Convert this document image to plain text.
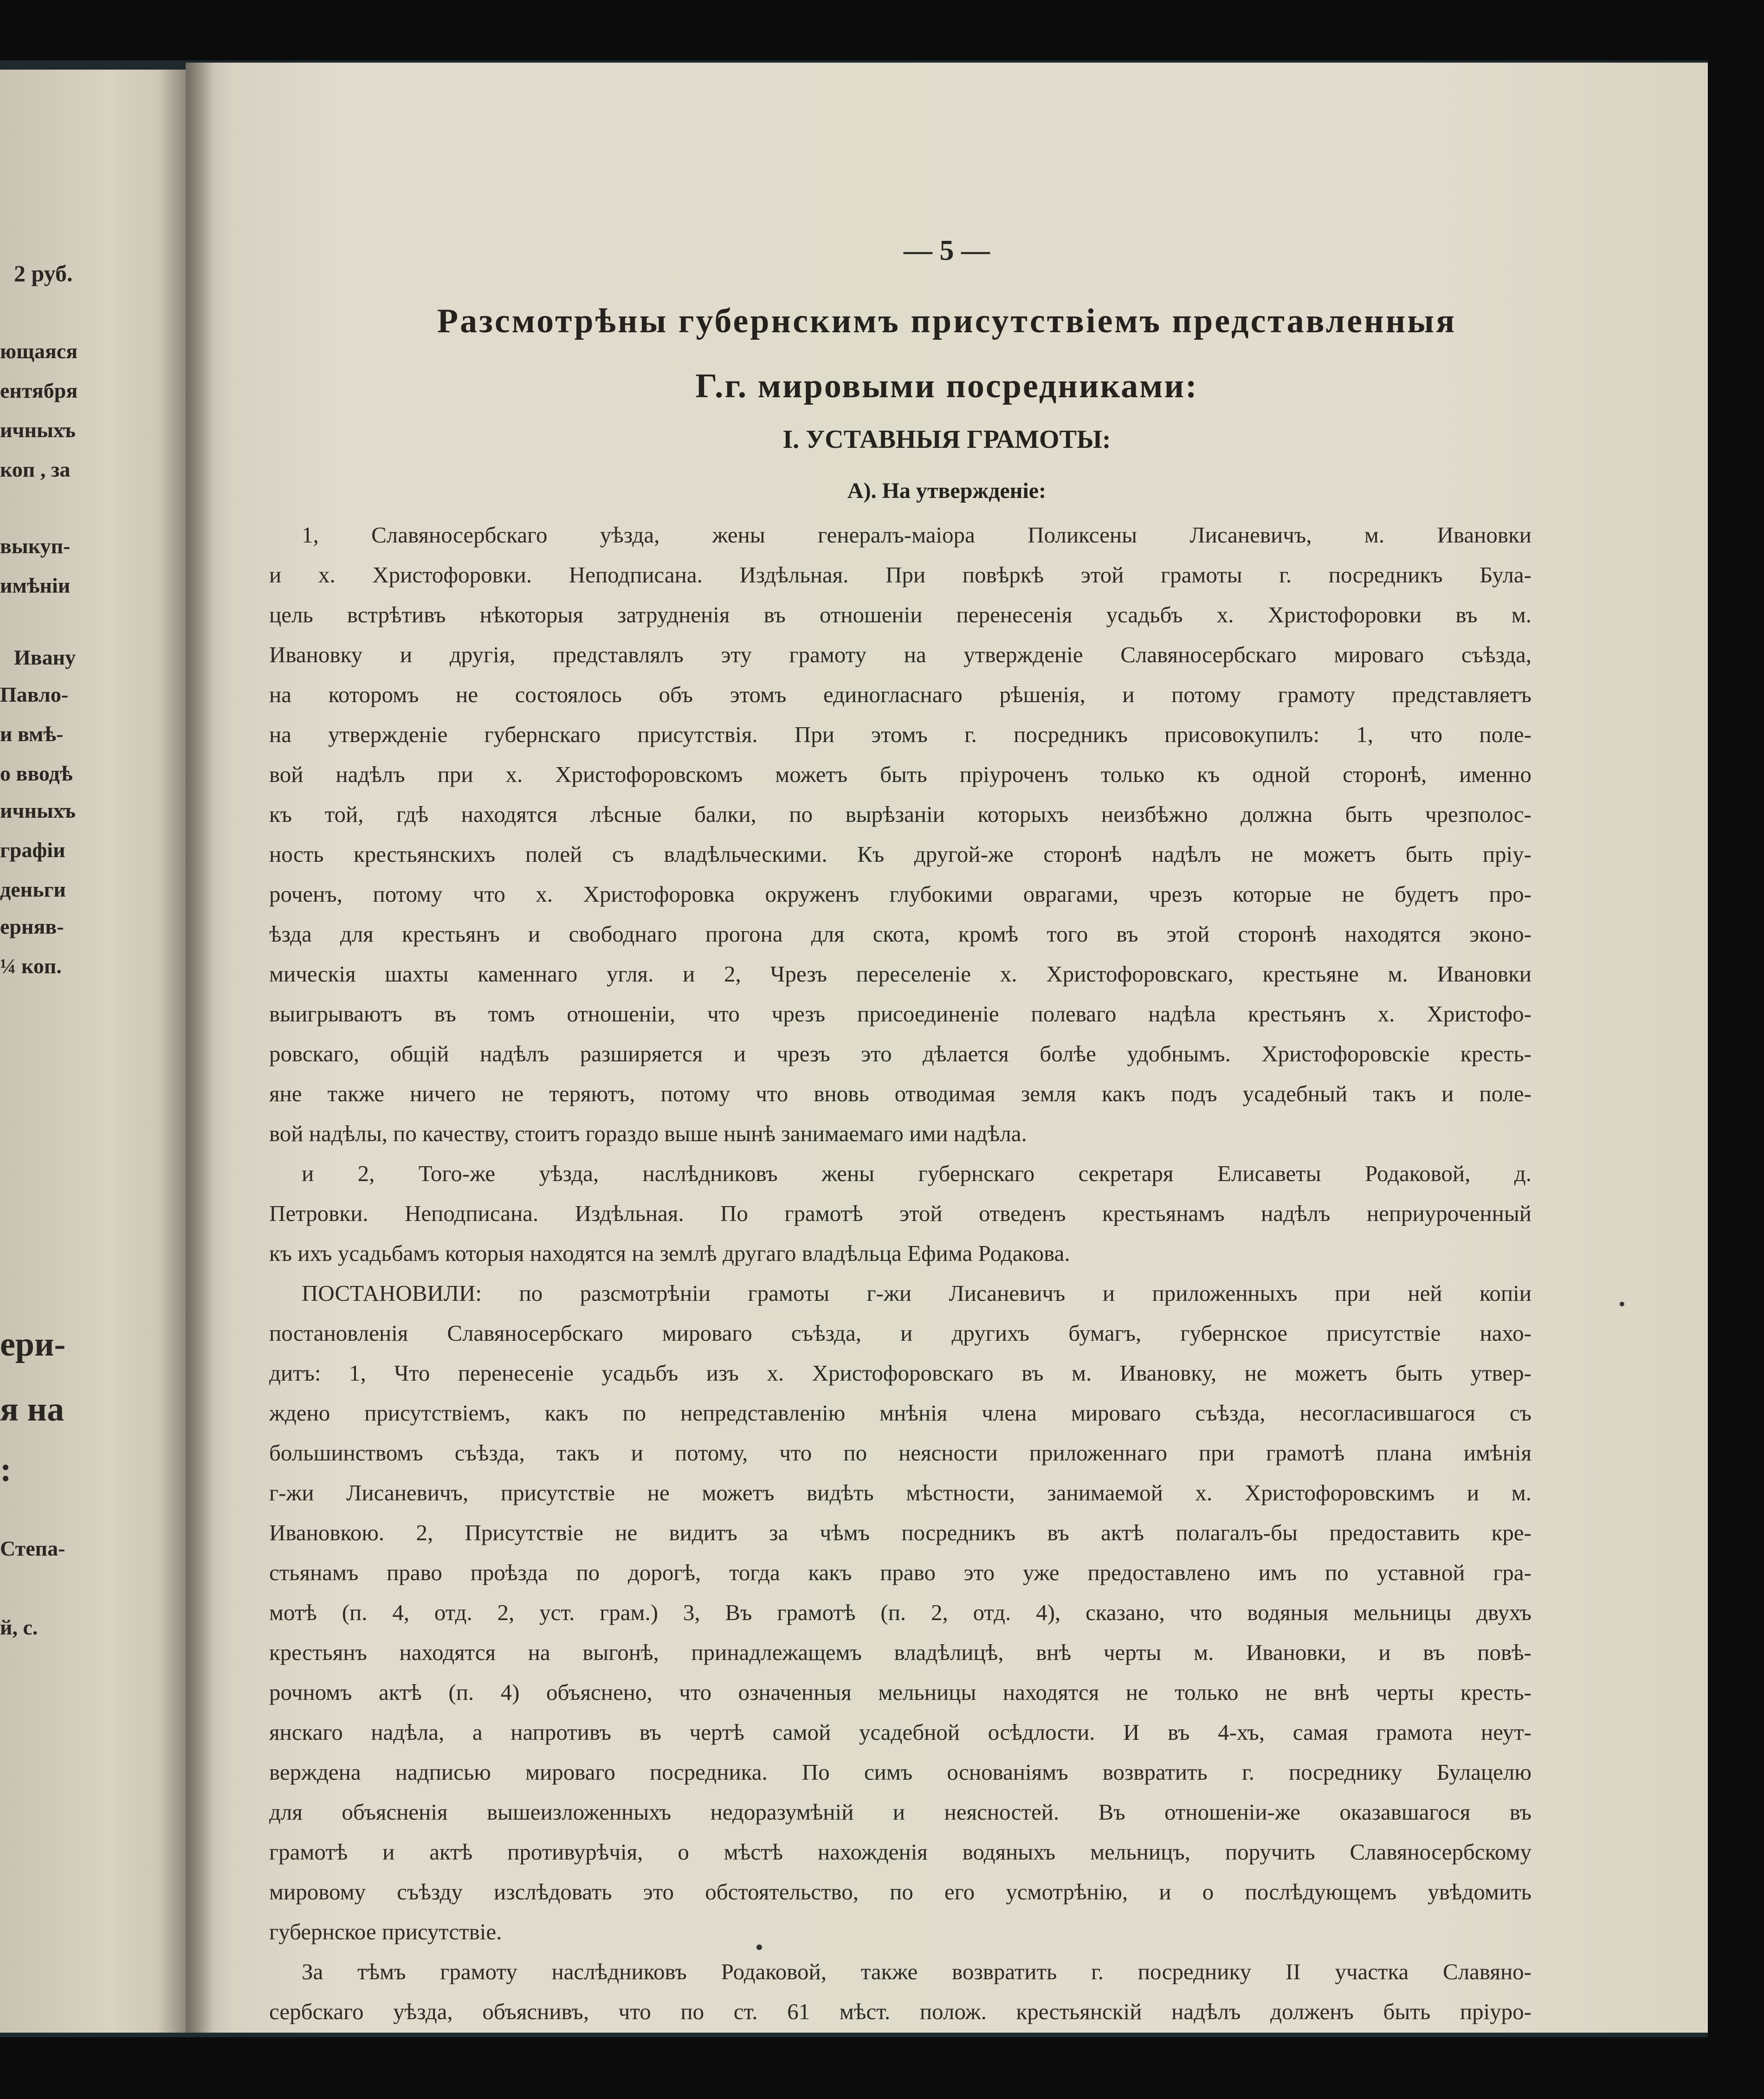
2 руб.
ющаяся
ентября
ичныхъ
коп , за
выкуп-
имѣнiи
Ивану
Павло-
и вмѣ-
о вводѣ
ичныхъ
графiи
деньги
ерняв-
¼ коп.
ери-
я на
:
Степа-
й, с.
— 5 —
Разсмотрѣны губернскимъ присутствiемъ представленныя
Г.г. мировыми посредниками:
I. УСТАВНЫЯ ГРАМОТЫ:
А). На утвержденiе:
1, Славяносербскаго уѣзда, жены генералъ-маiора Поликсены Лисаневичъ, м. Ивановки
и х. Христофоровки. Неподписана. Издѣльная. При повѣркѣ этой грамоты г. посредникъ Була-
цель встрѣтивъ нѣкоторыя затрудненiя въ отношенiи перенесенiя усадьбъ х. Христофоровки въ м.
Ивановку и другiя, представлялъ эту грамоту на утвержденiе Славяносербскаго мироваго съѣзда,
на которомъ не состоялось объ этомъ единогласнаго рѣшенiя, и потому грамоту представляетъ
на утвержденiе губернскаго присутствiя. При этомъ г. посредникъ присовокупилъ: 1, что поле-
вой надѣлъ при х. Христофоровскомъ можетъ быть прiуроченъ только къ одной сторонѣ, именно
къ той, гдѣ находятся лѣсные балки, по вырѣзанiи которыхъ неизбѣжно должна быть чрезполос-
ность крестьянскихъ полей съ владѣльческими. Къ другой-же сторонѣ надѣлъ не можетъ быть прiу-
роченъ, потому что х. Христофоровка окруженъ глубокими оврагами, чрезъ которые не будетъ про-
ѣзда для крестьянъ и свободнаго прогона для скота, кромѣ того въ этой сторонѣ находятся эконо-
мическiя шахты каменнаго угля. и 2, Чрезъ переселенiе х. Христофоровскаго, крестьяне м. Ивановки
выигрываютъ въ томъ отношенiи, что чрезъ присоединенiе полеваго надѣла крестьянъ х. Христофо-
ровскаго, общiй надѣлъ разширяется и чрезъ это дѣлается болѣе удобнымъ. Христофоровскiе кресть-
яне также ничего не теряютъ, потому что вновь отводимая земля какъ подъ усадебный такъ и поле-
вой надѣлы, по качеству, стоитъ гораздо выше нынѣ занимаемаго ими надѣла.
и 2, Того-же уѣзда, наслѣдниковъ жены губернскаго секретаря Елисаветы Родаковой, д.
Петровки. Неподписана. Издѣльная. По грамотѣ этой отведенъ крестьянамъ надѣлъ неприуроченный
къ ихъ усадьбамъ которыя находятся на землѣ другаго владѣльца Ефима Родакова.
ПОСТАНОВИЛИ: по разсмотрѣнiи грамоты г-жи Лисаневичъ и приложенныхъ при ней копiи
постановленiя Славяносербскаго мироваго съѣзда, и другихъ бумагъ, губернское присутствiе нахо-
дитъ: 1, Что перенесенiе усадьбъ изъ х. Христофоровскаго въ м. Ивановку, не можетъ быть утвер-
ждено присутствiемъ, какъ по непредставленiю мнѣнiя члена мироваго съѣзда, несогласившагося съ
большинствомъ съѣзда, такъ и потому, что по неясности приложеннаго при грамотѣ плана имѣнiя
г-жи Лисаневичъ, присутствiе не можетъ видѣть мѣстности, занимаемой х. Христофоровскимъ и м.
Ивановкою. 2, Присутствiе не видитъ за чѣмъ посредникъ въ актѣ полагалъ-бы предоставить кре-
стьянамъ право проѣзда по дорогѣ, тогда какъ право это уже предоставлено имъ по уставной гра-
мотѣ (п. 4, отд. 2, уст. грам.) 3, Въ грамотѣ (п. 2, отд. 4), сказано, что водяныя мельницы двухъ
крестьянъ находятся на выгонѣ, принадлежащемъ владѣлицѣ, внѣ черты м. Ивановки, и въ повѣ-
рочномъ актѣ (п. 4) объяснено, что означенныя мельницы находятся не только не внѣ черты кресть-
янскаго надѣла, а напротивъ въ чертѣ самой усадебной осѣдлости. И въ 4-хъ, самая грамота неут-
верждена надписью мироваго посредника. По симъ основанiямъ возвратить г. посреднику Булацелю
для объясненiя вышеизложенныхъ недоразумѣнiй и неясностей. Въ отношенiи-же оказавшагося въ
грамотѣ и актѣ противурѣчiя, о мѣстѣ нахожденiя водяныхъ мельницъ, поручить Славяносербскому
мировому съѣзду изслѣдовать это обстоятельство, по его усмотрѣнiю, и о послѣдующемъ увѣдомить
губернское присутствiе.
За тѣмъ грамоту наслѣдниковъ Родаковой, также возвратить г. посреднику II участка Славяно-
сербскаго уѣзда, объяснивъ, что по ст. 61 мѣст. полож. крестьянскiй надѣлъ долженъ быть прiуро-
